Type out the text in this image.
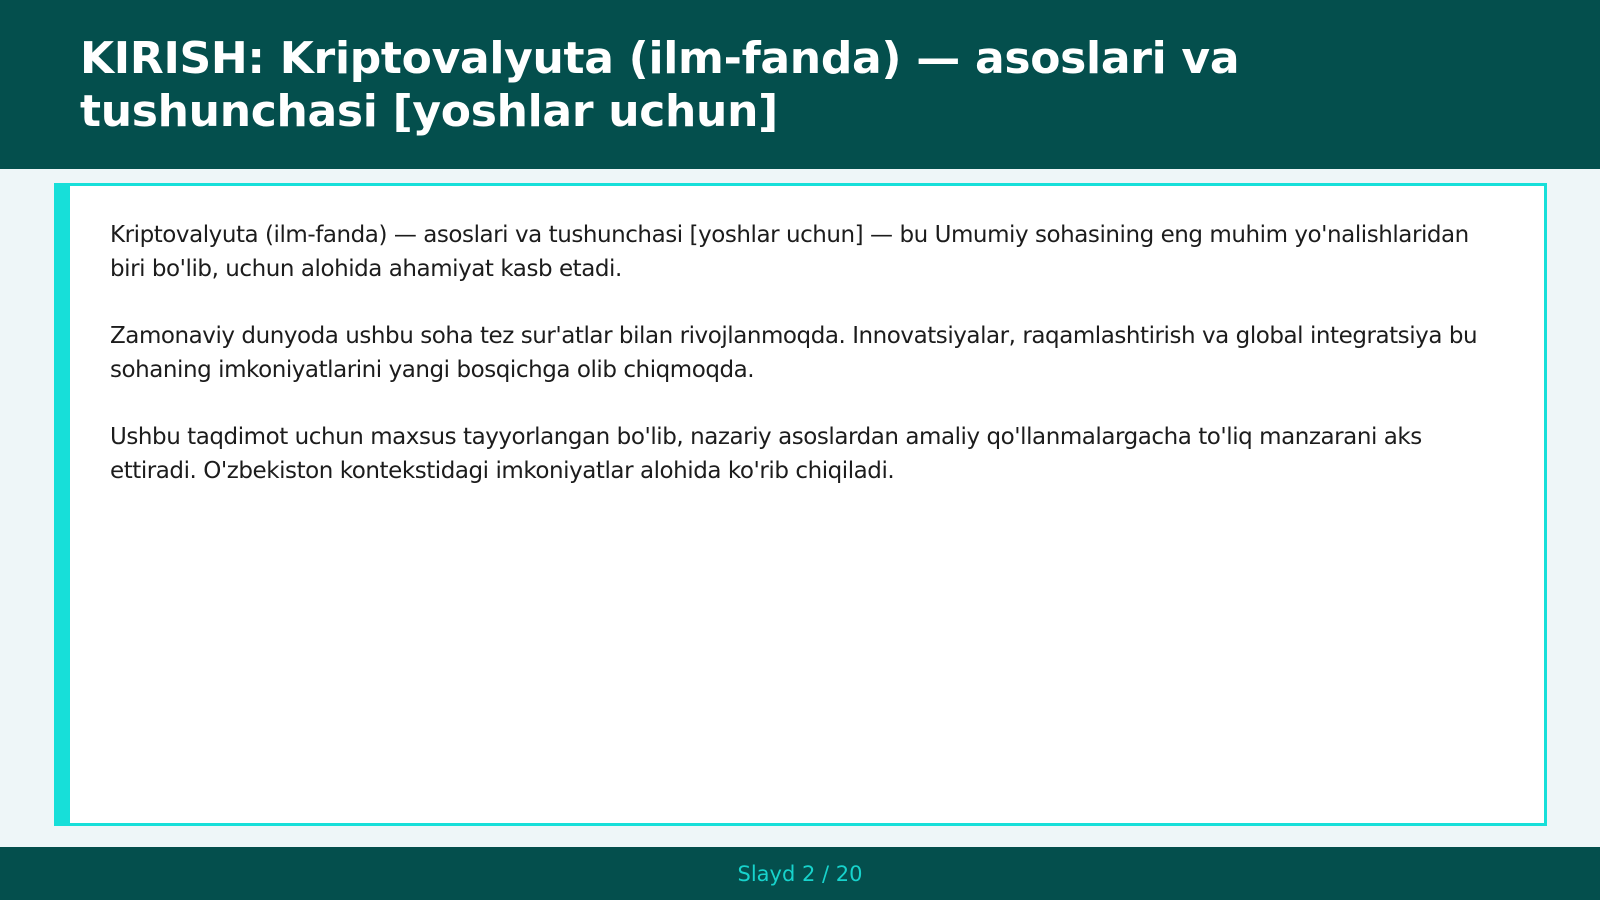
KIRISH: Kriptovalyuta (ilm-fanda) — asoslari va tushunchasi [yoshlar uchun]

Kriptovalyuta (ilm-fanda) — asoslari va tushunchasi [yoshlar uchun] — bu Umumiy sohasining eng muhim yo'nalishlaridan biri bo'lib, uchun alohida ahamiyat kasb etadi.

Zamonaviy dunyoda ushbu soha tez sur'atlar bilan rivojlanmoqda. Innovatsiyalar, raqamlashtirish va global integratsiya bu sohaning imkoniyatlarini yangi bosqichga olib chiqmoqda.

Ushbu taqdimot uchun maxsus tayyorlangan bo'lib, nazariy asoslardan amaliy qo'llanmalargacha to'liq manzarani aks ettiradi. O'zbekiston kontekstidagi imkoniyatlar alohida ko'rib chiqiladi.

Slayd 2 / 20
